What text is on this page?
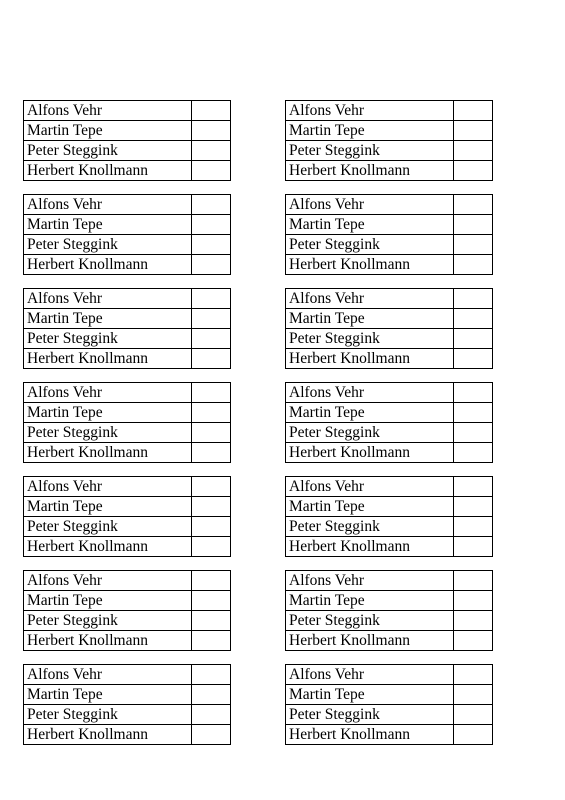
Alfons Vehr	
Martin Tepe	
Peter Steggink	
Herbert Knollmann	
Alfons Vehr	
Martin Tepe	
Peter Steggink	
Herbert Knollmann	
Alfons Vehr	
Martin Tepe	
Peter Steggink	
Herbert Knollmann	
Alfons Vehr	
Martin Tepe	
Peter Steggink	
Herbert Knollmann	
Alfons Vehr	
Martin Tepe	
Peter Steggink	
Herbert Knollmann	
Alfons Vehr	
Martin Tepe	
Peter Steggink	
Herbert Knollmann	
Alfons Vehr	
Martin Tepe	
Peter Steggink	
Herbert Knollmann	
Alfons Vehr	
Martin Tepe	
Peter Steggink	
Herbert Knollmann	
Alfons Vehr	
Martin Tepe	
Peter Steggink	
Herbert Knollmann	
Alfons Vehr	
Martin Tepe	
Peter Steggink	
Herbert Knollmann	
Alfons Vehr	
Martin Tepe	
Peter Steggink	
Herbert Knollmann	
Alfons Vehr	
Martin Tepe	
Peter Steggink	
Herbert Knollmann	
Alfons Vehr	
Martin Tepe	
Peter Steggink	
Herbert Knollmann	
Alfons Vehr	
Martin Tepe	
Peter Steggink	
Herbert Knollmann	
